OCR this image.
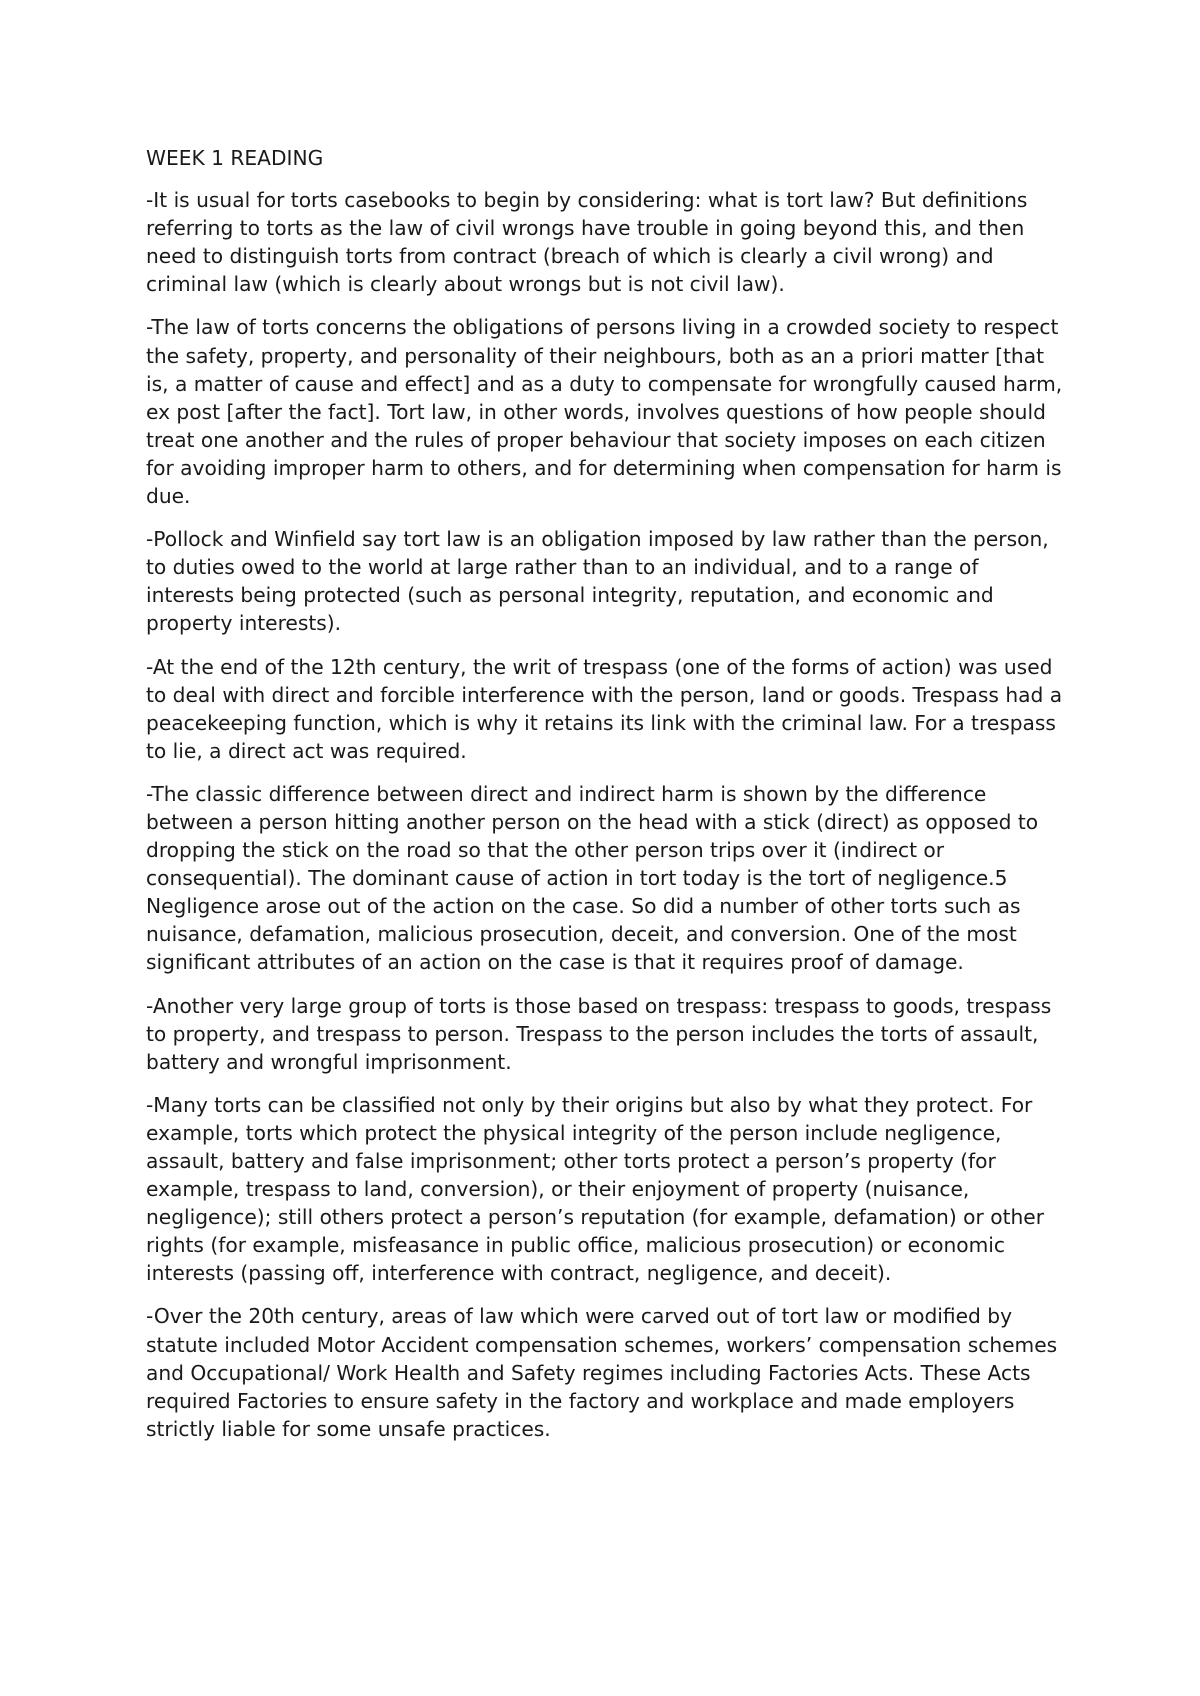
WEEK 1 READING

-It is usual for torts casebooks to begin by considering: what is tort law? But definitions referring to torts as the law of civil wrongs have trouble in going beyond this, and then need to distinguish torts from contract (breach of which is clearly a civil wrong) and criminal law (which is clearly about wrongs but is not civil law).

-The law of torts concerns the obligations of persons living in a crowded society to respect the safety, property, and personality of their neighbours, both as an a priori matter [that is, a matter of cause and effect] and as a duty to compensate for wrongfully caused harm, ex post [after the fact]. Tort law, in other words, involves questions of how people should treat one another and the rules of proper behaviour that society imposes on each citizen for avoiding improper harm to others, and for determining when compensation for harm is due.

-Pollock and Winfield say tort law is an obligation imposed by law rather than the person, to duties owed to the world at large rather than to an individual, and to a range of interests being protected (such as personal integrity, reputation, and economic and property interests).

-At the end of the 12th century, the writ of trespass (one of the forms of action) was used to deal with direct and forcible interference with the person, land or goods. Trespass had a peacekeeping function, which is why it retains its link with the criminal law. For a trespass to lie, a direct act was required.

-The classic difference between direct and indirect harm is shown by the difference between a person hitting another person on the head with a stick (direct) as opposed to dropping the stick on the road so that the other person trips over it (indirect or consequential). The dominant cause of action in tort today is the tort of negligence.5 Negligence arose out of the action on the case. So did a number of other torts such as nuisance, defamation, malicious prosecution, deceit, and conversion. One of the most significant attributes of an action on the case is that it requires proof of damage.

-Another very large group of torts is those based on trespass: trespass to goods, trespass to property, and trespass to person. Trespass to the person includes the torts of assault, battery and wrongful imprisonment.

-Many torts can be classified not only by their origins but also by what they protect. For example, torts which protect the physical integrity of the person include negligence, assault, battery and false imprisonment; other torts protect a person’s property (for example, trespass to land, conversion), or their enjoyment of property (nuisance, negligence); still others protect a person’s reputation (for example, defamation) or other rights (for example, misfeasance in public office, malicious prosecution) or economic interests (passing off, interference with contract, negligence, and deceit).

-Over the 20th century, areas of law which were carved out of tort law or modified by statute included Motor Accident compensation schemes, workers’ compensation schemes and Occupational/ Work Health and Safety regimes including Factories Acts. These Acts required Factories to ensure safety in the factory and workplace and made employers strictly liable for some unsafe practices.
